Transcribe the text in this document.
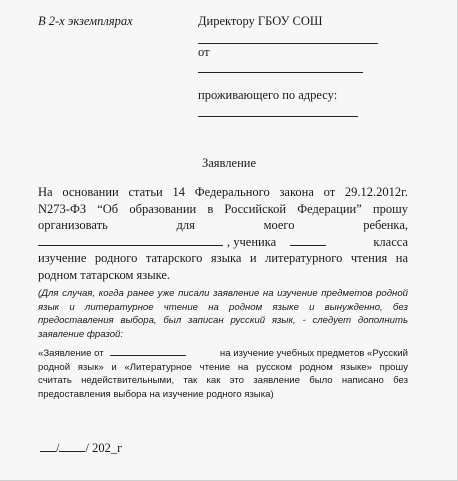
В 2-х экземплярах	Директору ГБОУ СОШ
от
проживающего по адресу:
Заявление

На основании статьи 14 Федерального закона от 29.12.2012г.

N273-ФЗ “Об образовании в Российской Федерации” прошу

организовать	для	моего	ребенка,

, ученика	класса

изучение родного татарского языка и литературного чтения на

родном татарском языке.

(Для случая, когда ранее уже писали заявление на изучение предметов родной
язык и литературное чтение на родном языке и вынужденно, без
предоставления выбора, был записан русский язык, - следует дополнить
заявление фразой:
«Заявление от	на изучение учебных предметов «Русский
родной язык» и «Литературное чтение на русском родном языке» прошу
считать недействительными, так как это заявление было написано без
предоставления выбора на изучение родного языка)
/ / 202_г
